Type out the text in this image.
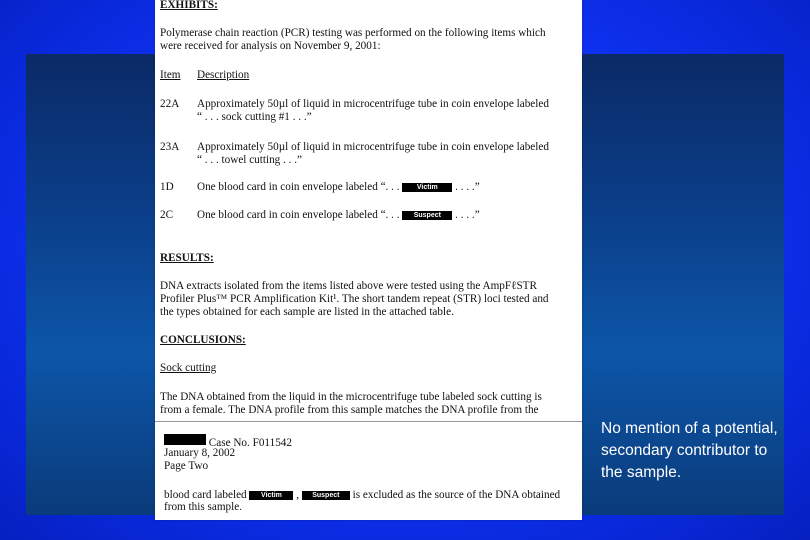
EXHIBITS:
Polymerase chain reaction (PCR) testing was performed on the following items which
were received for analysis on November 9, 2001:
Item Description
22A Approximately 50µl of liquid in microcentrifuge tube in coin envelope labeled
“ . . . sock cutting #1 . . .”
23A Approximately 50µl of liquid in microcentrifuge tube in coin envelope labeled
“ . . . towel cutting . . .”
1D One blood card in coin envelope labeled “. . . Victim . . . .”
2C One blood card in coin envelope labeled “. . . Suspect . . . .”
RESULTS:
DNA extracts isolated from the items listed above were tested using the AmpFℓSTR
Profiler Plus™ PCR Amplification Kit¹. The short tandem repeat (STR) loci tested and
the types obtained for each sample are listed in the attached table.
CONCLUSIONS:
Sock cutting
The DNA obtained from the liquid in the microcentrifuge tube labeled sock cutting is
from a female. The DNA profile from this sample matches the DNA profile from the
Case No. F011542
January 8, 2002
Page Two
blood card labeled Victim , Suspect is excluded as the source of the DNA obtained
from this sample.
No mention of a potential, secondary contributor to the sample.
